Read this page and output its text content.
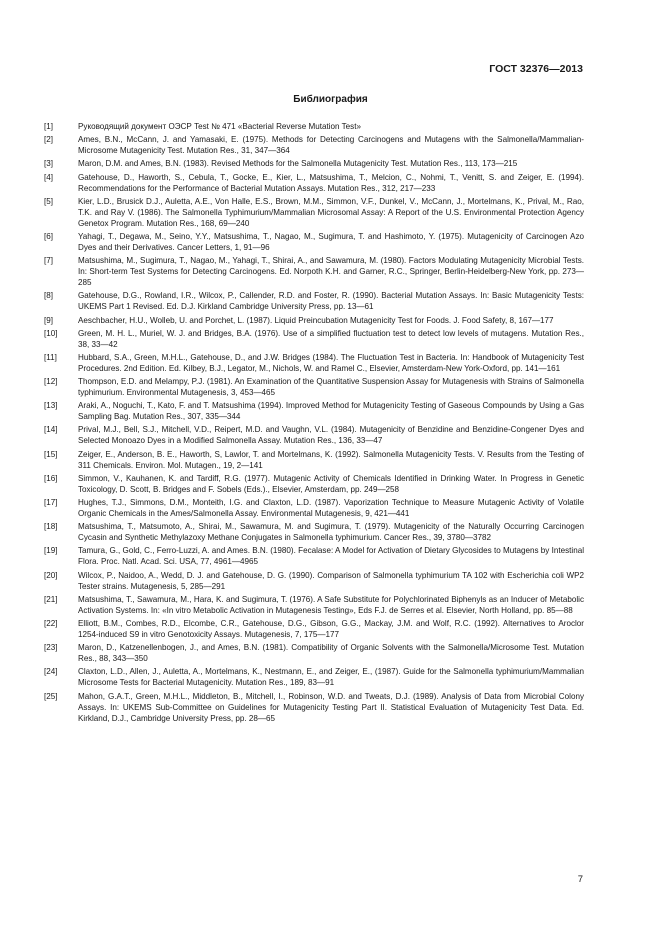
ГОСТ 32376—2013
Библиография
[1]	Руководящий документ ОЭСР Test № 471 «Bacterial Reverse Mutation Test»
[2]	Ames, B.N., McCann, J. and Yamasaki, E. (1975). Methods for Detecting Carcinogens and Mutagens with the Salmonella/Mammalian-Microsome Mutagenicity Test. Mutation Res., 31, 347—364
[3]	Maron, D.M. and Ames, B.N. (1983). Revised Methods for the Salmonella Mutagenicity Test. Mutation Res., 113, 173—215
[4]	Gatehouse, D., Haworth, S., Cebula, T., Gocke, E., Kier, L., Matsushima, T., Melcion, C., Nohmi, T., Venitt, S. and Zeiger, E. (1994). Recommendations for the Performance of Bacterial Mutation Assays. Mutation Res., 312, 217—233
[5]	Kier, L.D., Brusick D.J., Auletta, A.E., Von Halle, E.S., Brown, M.M., Simmon, V.F., Dunkel, V., McCann, J., Mortelmans, K., Prival, M., Rao, T.K. and Ray V. (1986). The Salmonella Typhimurium/Mammalian Microsomal Assay: A Report of the U.S. Environmental Protection Agency Genetox Program. Mutation Res., 168, 69—240
[6]	Yahagi, T., Degawa, M., Seino, Y.Y., Matsushima, T., Nagao, M., Sugimura, T. and Hashimoto, Y. (1975). Mutagenicity of Carcinogen Azo Dyes and their Derivatives. Cancer Letters, 1, 91—96
[7]	Matsushima, M., Sugimura, T., Nagao, M., Yahagi, T., Shirai, A., and Sawamura, M. (1980). Factors Modulating Mutagenicity Microbial Tests. In: Short-term Test Systems for Detecting Carcinogens. Ed. Norpoth K.H. and Garner, R.C., Springer, Berlin-Heidelberg-New York, pp. 273—285
[8]	Gatehouse, D.G., Rowland, I.R., Wilcox, P., Callender, R.D. and Foster, R. (1990). Bacterial Mutation Assays. In: Basic Mutagenicity Tests: UKEMS Part 1 Revised. Ed. D.J. Kirkland Cambridge University Press, pp. 13—61
[9]	Aeschbacher, H.U., Wolleb, U. and Porchet, L. (1987). Liquid Preincubation Mutagenicity Test for Foods. J. Food Safety, 8, 167—177
[10]	Green, M. H. L., Muriel, W. J. and Bridges, B.A. (1976). Use of a simplified fluctuation test to detect low levels of mutagens. Mutation Res., 38, 33—42
[11]	Hubbard, S.A., Green, M.H.L., Gatehouse, D., and J.W. Bridges (1984). The Fluctuation Test in Bacteria. In: Handbook of Mutagenicity Test Procedures. 2nd Edition. Ed. Kilbey, B.J., Legator, M., Nichols, W. and Ramel C., Elsevier, Amsterdam-New York-Oxford, pp. 141—161
[12]	Thompson, E.D. and Melampy, P.J. (1981). An Examination of the Quantitative Suspension Assay for Mutagenesis with Strains of Salmonella typhimurium. Environmental Mutagenesis, 3, 453—465
[13]	Araki, A., Noguchi, T., Kato, F. and T. Matsushima (1994). Improved Method for Mutagenicity Testing of Gaseous Compounds by Using a Gas Sampling Bag. Mutation Res., 307, 335—344
[14]	Prival, M.J., Bell, S.J., Mitchell, V.D., Reipert, M.D. and Vaughn, V.L. (1984). Mutagenicity of Benzidine and Benzidine-Congener Dyes and Selected Monoazo Dyes in a Modified Salmonella Assay. Mutation Res., 136, 33—47
[15]	Zeiger, E., Anderson, B. E., Haworth, S, Lawlor, T. and Mortelmans, K. (1992). Salmonella Mutagenicity Tests. V. Results from the Testing of 311 Chemicals. Environ. Mol. Mutagen., 19, 2—141
[16]	Simmon, V., Kauhanen, K. and Tardiff, R.G. (1977). Mutagenic Activity of Chemicals Identified in Drinking Water. In Progress in Genetic Toxicology, D. Scott, B. Bridges and F. Sobels (Eds.)., Elsevier, Amsterdam, pp. 249—258
[17]	Hughes, T.J., Simmons, D.M., Monteith, I.G. and Claxton, L.D. (1987). Vaporization Technique to Measure Mutagenic Activity of Volatile Organic Chemicals in the Ames/Salmonella Assay. Environmental Mutagenesis, 9, 421—441
[18]	Matsushima, T., Matsumoto, A., Shirai, M., Sawamura, M. and Sugimura, T. (1979). Mutagenicity of the Naturally Occurring Carcinogen Cycasin and Synthetic Methylazoxy Methane Conjugates in Salmonella typhimurium. Cancer Res., 39, 3780—3782
[19]	Tamura, G., Gold, C., Ferro-Luzzi, A. and Ames. B.N. (1980). Fecalase: A Model for Activation of Dietary Glycosides to Mutagens by Intestinal Flora. Proc. Natl. Acad. Sci. USA, 77, 4961—4965
[20]	Wilcox, P., Naidoo, A., Wedd, D. J. and Gatehouse, D. G. (1990). Comparison of Salmonella typhimurium TA 102 with Escherichia coli WP2 Tester strains. Mutagenesis, 5, 285—291
[21]	Matsushima, T., Sawamura, M., Hara, K. and Sugimura, T. (1976). A Safe Substitute for Polychlorinated Biphenyls as an Inducer of Metabolic Activation Systems. In: «In vitro Metabolic Activation in Mutagenesis Testing», Eds F.J. de Serres et al. Elsevier, North Holland, pp. 85—88
[22]	Elliott, B.M., Combes, R.D., Elcombe, C.R., Gatehouse, D.G., Gibson, G.G., Mackay, J.M. and Wolf, R.C. (1992). Alternatives to Aroclor 1254-induced S9 in vitro Genotoxicity Assays. Mutagenesis, 7, 175—177
[23]	Maron, D., Katzenellenbogen, J., and Ames, B.N. (1981). Compatibility of Organic Solvents with the Salmonella/Microsome Test. Mutation Res., 88, 343—350
[24]	Claxton, L.D., Allen, J., Auletta, A., Mortelmans, K., Nestmann, E., and Zeiger, E., (1987). Guide for the Salmonella typhimurium/Mammalian Microsome Tests for Bacterial Mutagenicity. Mutation Res., 189, 83—91
[25]	Mahon, G.A.T., Green, M.H.L., Middleton, B., Mitchell, I., Robinson, W.D. and Tweats, D.J. (1989). Analysis of Data from Microbial Colony Assays. In: UKEMS Sub-Committee on Guidelines for Mutagenicity Testing Part II. Statistical Evaluation of Mutagenicity Test Data. Ed. Kirkland, D.J., Cambridge University Press, pp. 28—65
7
